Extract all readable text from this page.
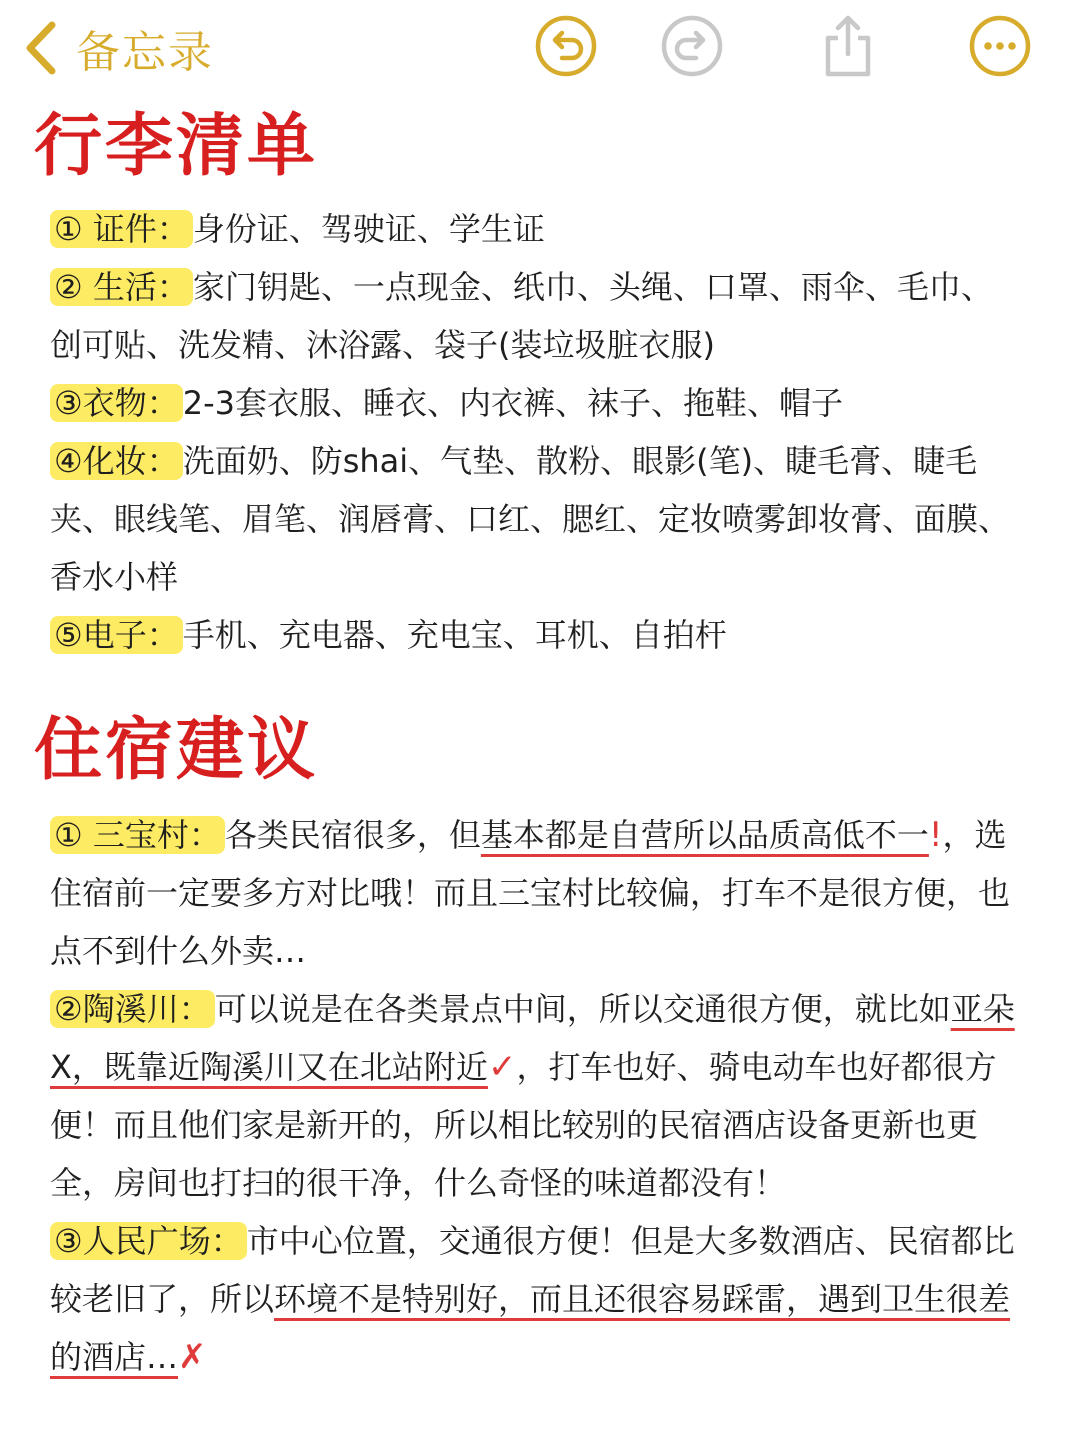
备忘录
行李清单

① 证件： 身份证、驾驶证、学生证

② 生活： 家门钥匙、一点现金、纸巾、头绳、口罩、雨伞、毛巾、创可贴、洗发精、沐浴露、袋子(装垃圾脏衣服)

③衣物： 2-3套衣服、睡衣、内衣裤、袜子、拖鞋、帽子

④化妆： 洗面奶、防shai、气垫、散粉、眼影(笔)、睫毛膏、睫毛夹、眼线笔、眉笔、润唇膏、口红、腮红、定妆喷雾卸妆膏、面膜、香水小样

⑤电子： 手机、充电器、充电宝、耳机、自拍杆

住宿建议

① 三宝村： 各类民宿很多，但基本都是自营所以品质高低不一!，选住宿前一定要多方对比哦！而且三宝村比较偏，打车不是很方便，也点不到什么外卖…

②陶溪川： 可以说是在各类景点中间，所以交通很方便，就比如亚朵X，既靠近陶溪川又在北站附近✓，打车也好、骑电动车也好都很方便！而且他们家是新开的，所以相比较别的民宿酒店设备更新也更全，房间也打扫的很干净，什么奇怪的味道都没有！

③人民广场： 市中心位置，交通很方便！但是大多数酒店、民宿都比较老旧了，所以环境不是特别好，而且还很容易踩雷，遇到卫生很差的酒店…✗
